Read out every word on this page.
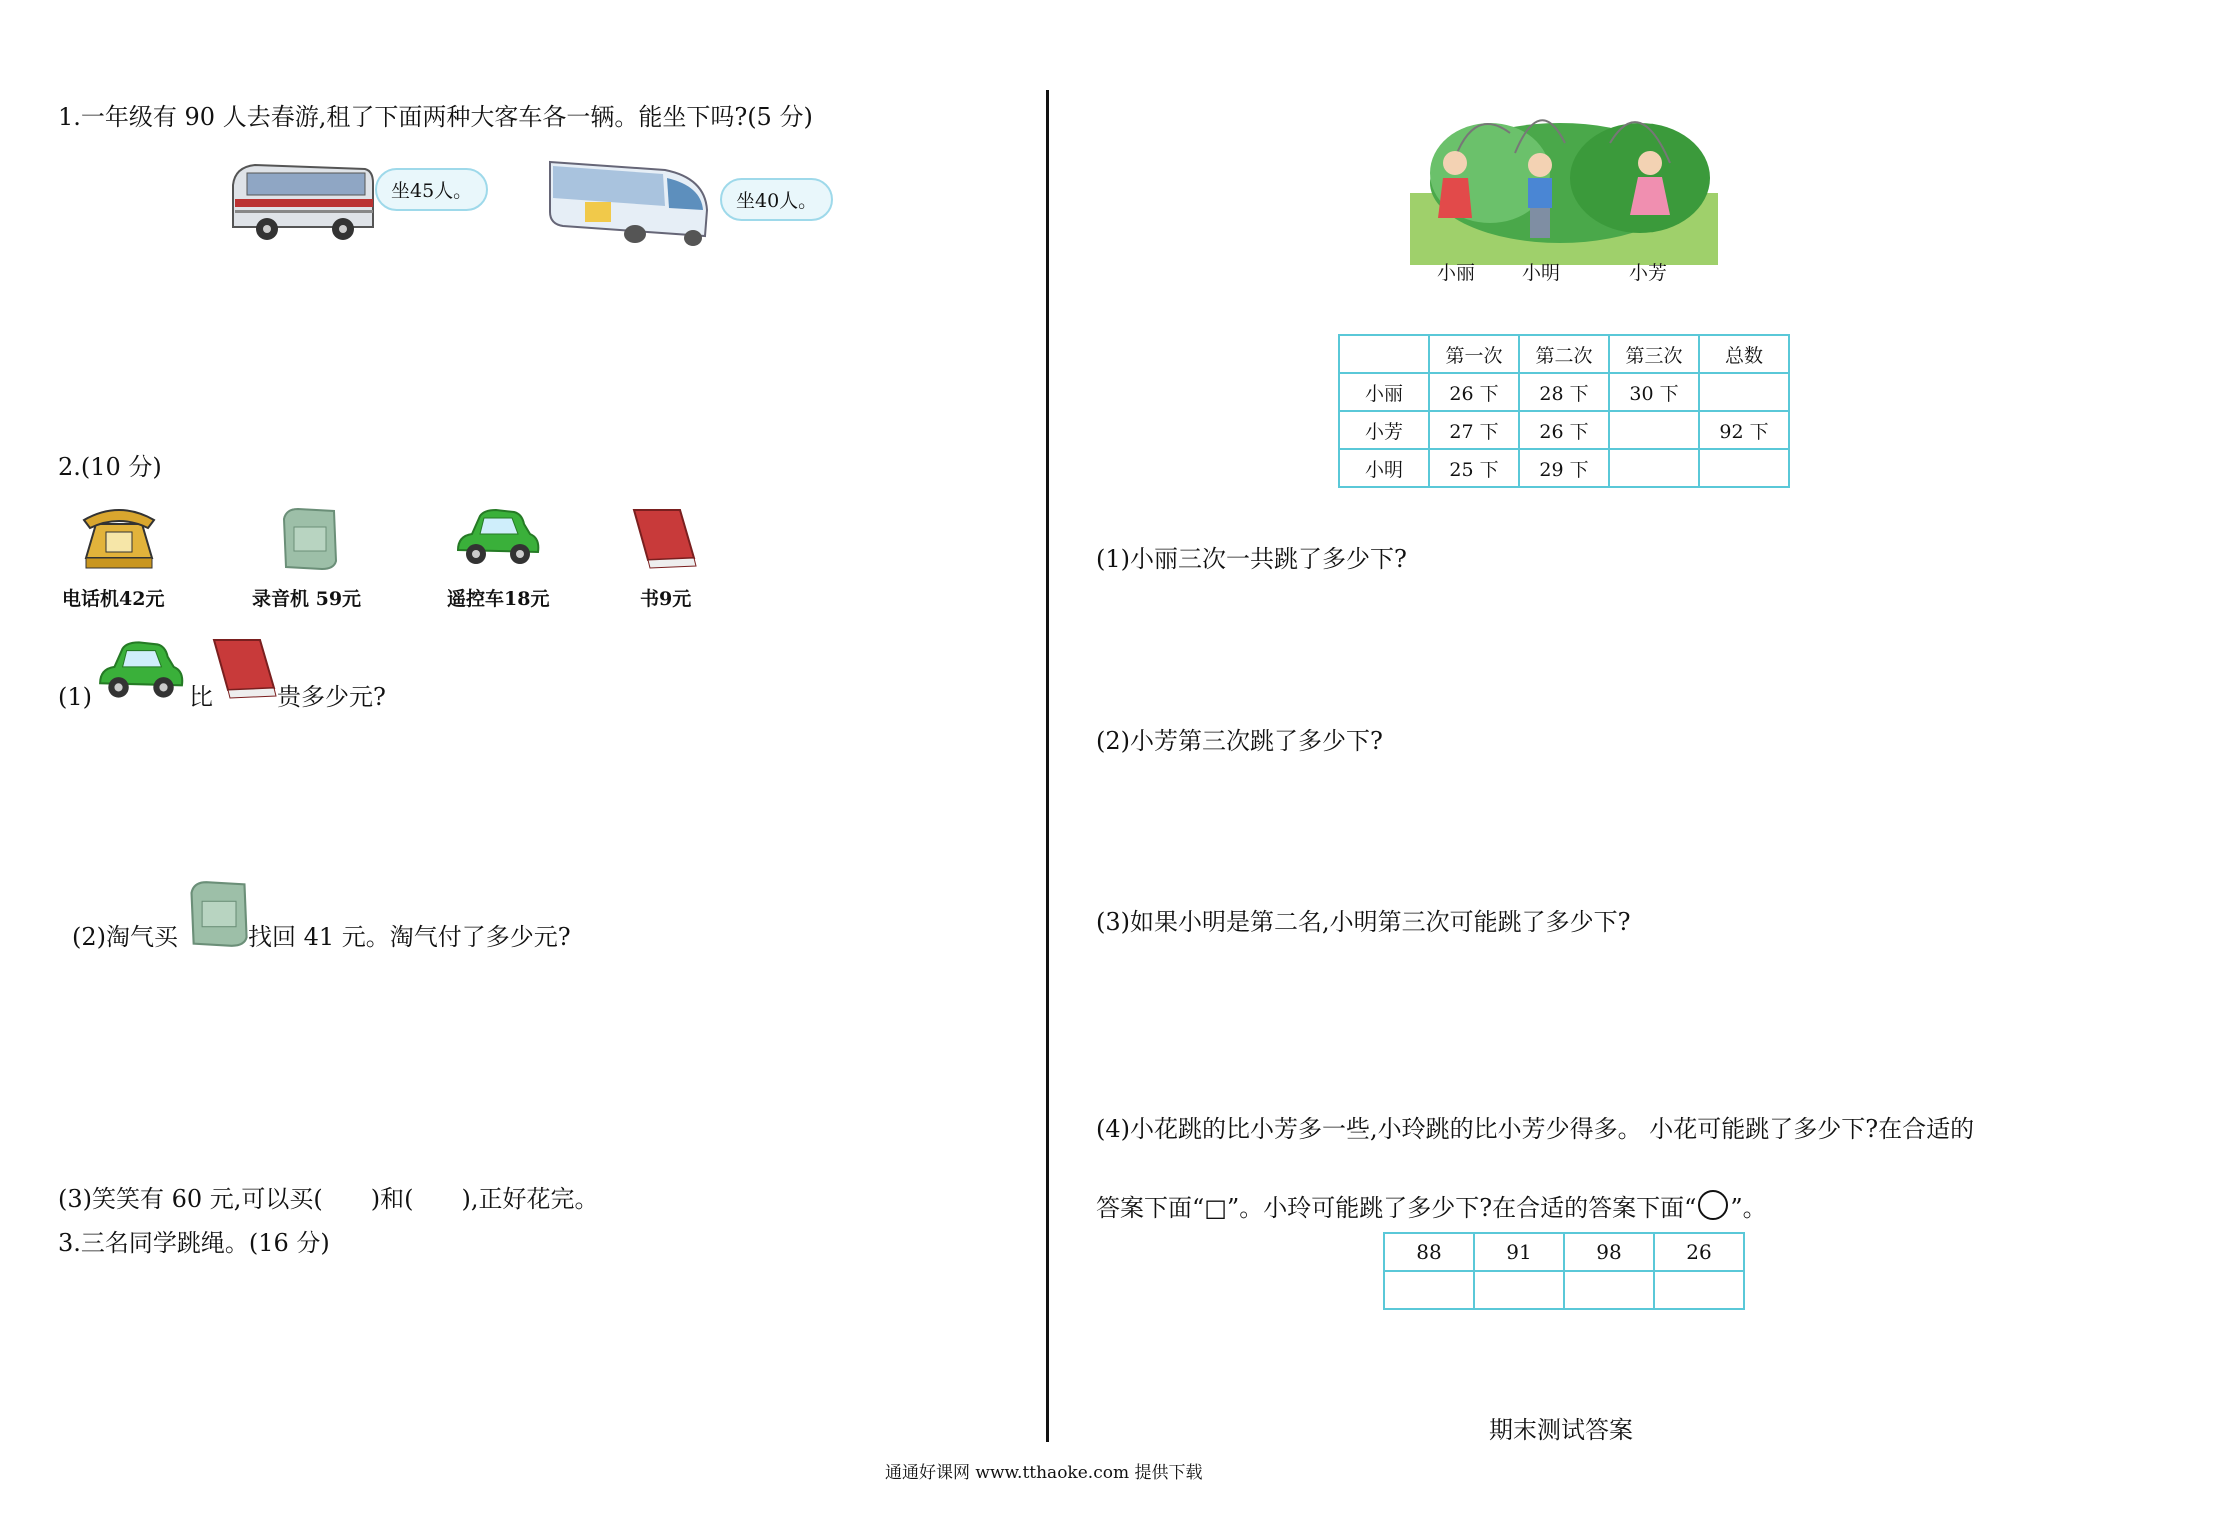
1.一年级有 90 人去春游,租了下面两种大客车各一辆。能坐下吗?(5 分)
坐45人。	坐40人。
2.(10 分)
电话机42元	录音机 59元	遥控车18元	书9元
(1)	比	贵多少元?
(2)淘气买	找回 41 元。淘气付了多少元?
(3)笑笑有 60 元,可以买(　　)和(　　),正好花完。
3.三名同学跳绳。(16 分)
小丽 小明	小芳
	第一次	第二次	第三次	总数
小丽	26 下	28 下	30 下	
小芳	27 下	26 下		92 下
小明	25 下	29 下		
(1)小丽三次一共跳了多少下?
(2)小芳第三次跳了多少下?
(3)如果小明是第二名,小明第三次可能跳了多少下?
(4)小花跳的比小芳多一些,小玲跳的比小芳少得多。 小花可能跳了多少下?在合适的
答案下面“□”。小玲可能跳了多少下?在合适的答案下面“ ○ ”。
88	91	98	26

期末测试答案
通通好课网 www.tthaoke.com 提供下载
